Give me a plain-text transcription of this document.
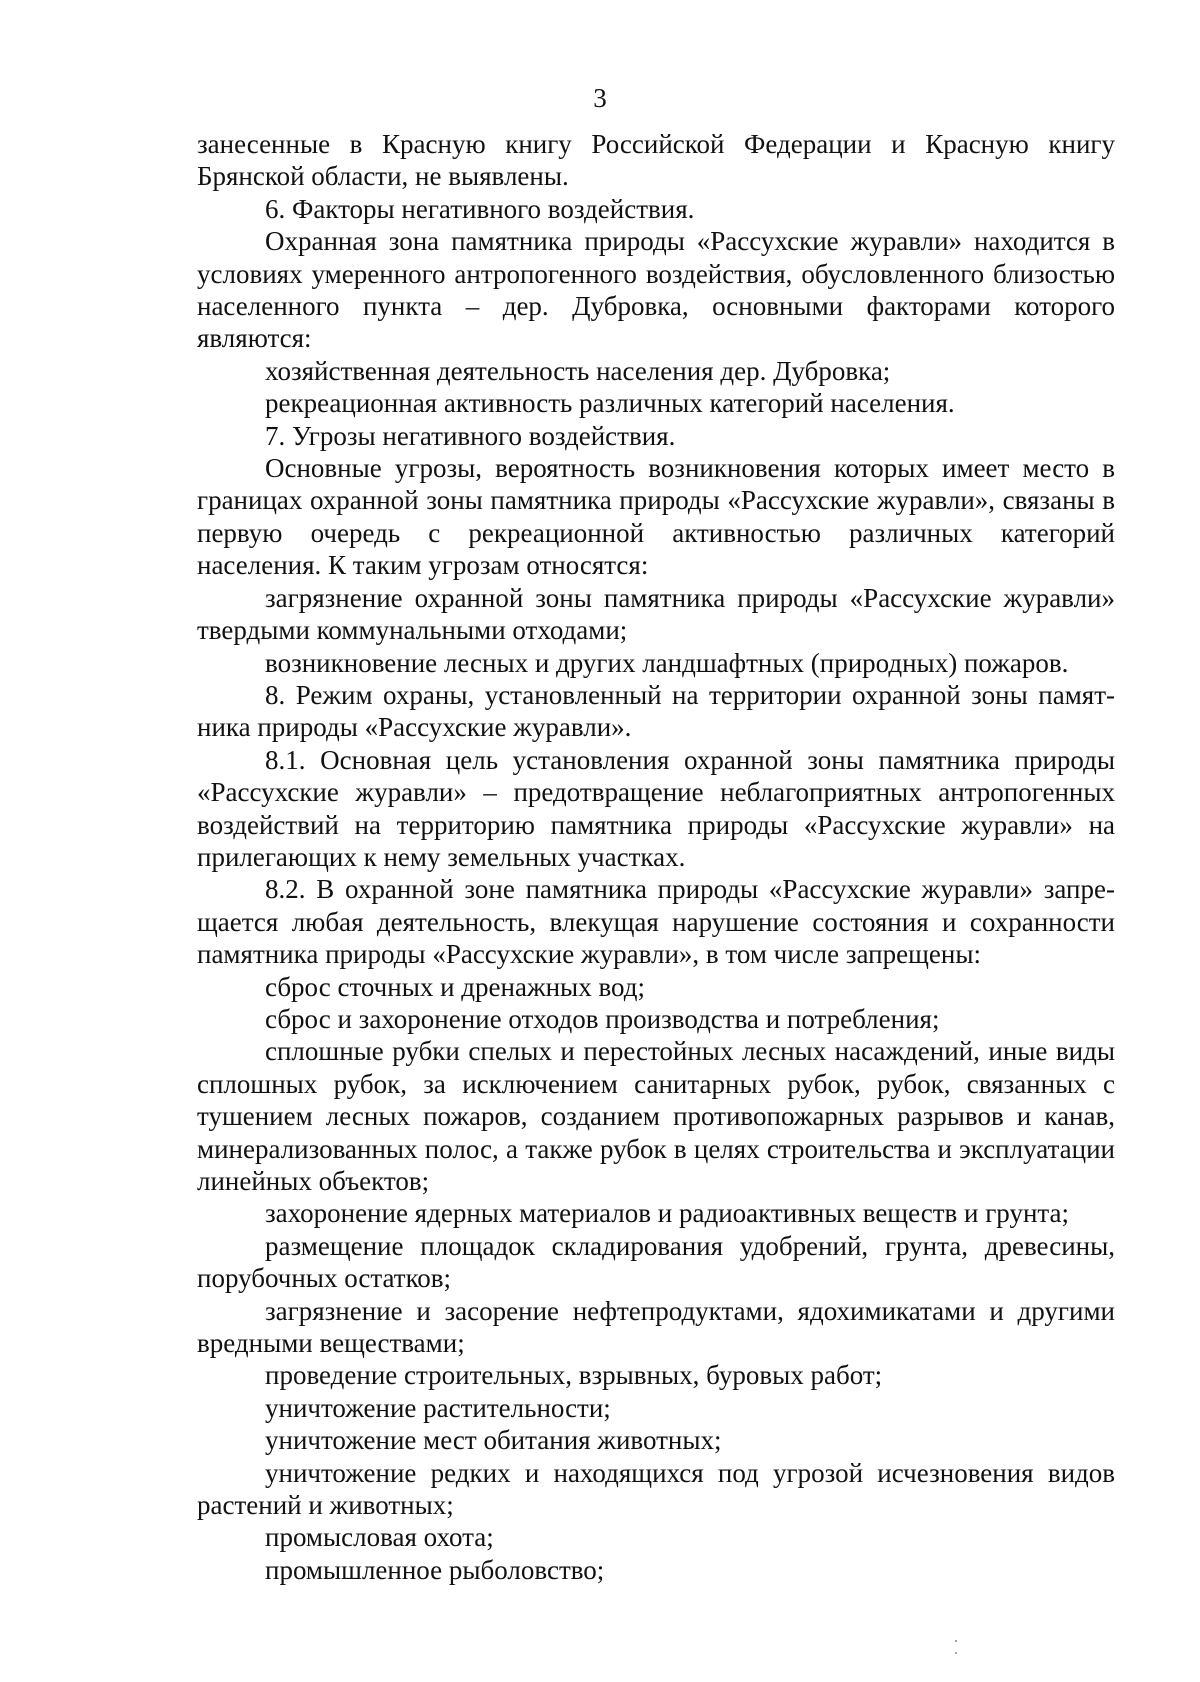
3

занесенные в Красную книгу Российской Федерации и Красную книгу Брянской области, не выявлены.

6. Факторы негативного воздействия.

Охранная зона памятника природы «Рассухские журавли» находится в условиях умеренного антропогенного воздействия, обусловленного близостью населенного пункта – дер. Дубровка, основными факторами которого являются:

хозяйственная деятельность населения дер. Дубровка;

рекреационная активность различных категорий населения.

7. Угрозы негативного воздействия.

Основные угрозы, вероятность возникновения которых имеет место в границах охранной зоны памятника природы «Рассухские журавли», связаны в первую очередь с рекреационной активностью различных категорий населения. К таким угрозам относятся:

загрязнение охранной зоны памятника природы «Рассухские журавли» твердыми коммунальными отходами;

возникновение лесных и других ландшафтных (природных) пожаров.

8. Режим охраны, установленный на территории охранной зоны памятника природы «Рассухские журавли».

8.1. Основная цель установления охранной зоны памятника природы «Рассухские журавли» – предотвращение неблагоприятных антропогенных воздействий на территорию памятника природы «Рассухские журавли» на прилегающих к нему земельных участках.

8.2. В охранной зоне памятника природы «Рассухские журавли» запрещается любая деятельность, влекущая нарушение состояния и сохранности памятника природы «Рассухские журавли», в том числе запрещены:

сброс сточных и дренажных вод;

сброс и захоронение отходов производства и потребления;

сплошные рубки спелых и перестойных лесных насаждений, иные виды сплошных рубок, за исключением санитарных рубок, рубок, связанных с тушением лесных пожаров, созданием противопожарных разрывов и канав, минерализованных полос, а также рубок в целях строительства и эксплуатации линейных объектов;

захоронение ядерных материалов и радиоактивных веществ и грунта;

размещение площадок складирования удобрений, грунта, древесины, порубочных остатков;

загрязнение и засорение нефтепродуктами, ядохимикатами и другими вредными веществами;

проведение строительных, взрывных, буровых работ;

уничтожение растительности;

уничтожение мест обитания животных;

уничтожение редких и находящихся под угрозой исчезновения видов растений и животных;

промысловая охота;

промышленное рыболовство;
